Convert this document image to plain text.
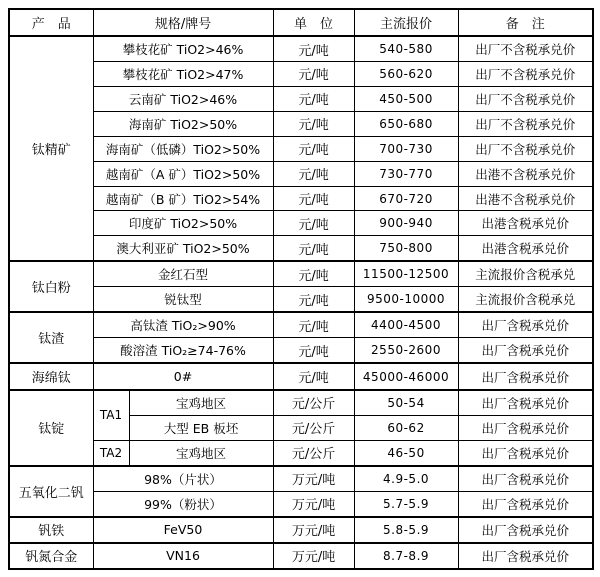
产　品	规格/牌号		单　位	主流报价	备　注
钛精矿	攀枝花矿 TiO2>46%		元/吨	540-580	出厂不含税承兑价
	攀枝花矿 TiO2>47%		元/吨	560-620	出厂不含税承兑价
	云南矿 TiO2>46%		元/吨	450-500	出厂不含税承兑价
	海南矿 TiO2>50%		元/吨	650-680	出厂不含税承兑价
	海南矿（低磷）TiO2>50%		元/吨	700-730	出厂不含税承兑价
	越南矿（A 矿）TiO2>50%		元/吨	730-770	出港不含税承兑价
	越南矿（B 矿）TiO2>54%		元/吨	670-720	出港不含税承兑价
	印度矿 TiO2>50%		元/吨	900-940	出港含税承兑价
	澳大利亚矿 TiO2>50%		元/吨	750-800	出港含税承兑价
钛白粉	金红石型		元/吨	11500-12500	主流报价含税承兑
	锐钛型		元/吨	9500-10000	主流报价含税承兑
钛渣	高钛渣 TiO₂>90%		元/吨	4400-4500	出厂含税承兑价
	酸溶渣 TiO₂≥74-76%		元/吨	2550-2600	出厂含税承兑价
海绵钛	0#		元/吨	45000-46000	出厂含税承兑价
钛锭	TA1	宝鸡地区	元/公斤	50-54	出厂含税承兑价
		大型 EB 板坯	元/公斤	60-62	出厂含税承兑价
	TA2	宝鸡地区	元/公斤	46-50	出厂含税承兑价
五氧化二钒	98%（片状）		万元/吨	4.9-5.0	出厂含税承兑价
	99%（粉状）		万元/吨	5.7-5.9	出厂含税承兑价
钒铁	FeV50		万元/吨	5.8-5.9	出厂含税承兑价
钒氮合金	VN16		万元/吨	8.7-8.9	出厂含税承兑价
